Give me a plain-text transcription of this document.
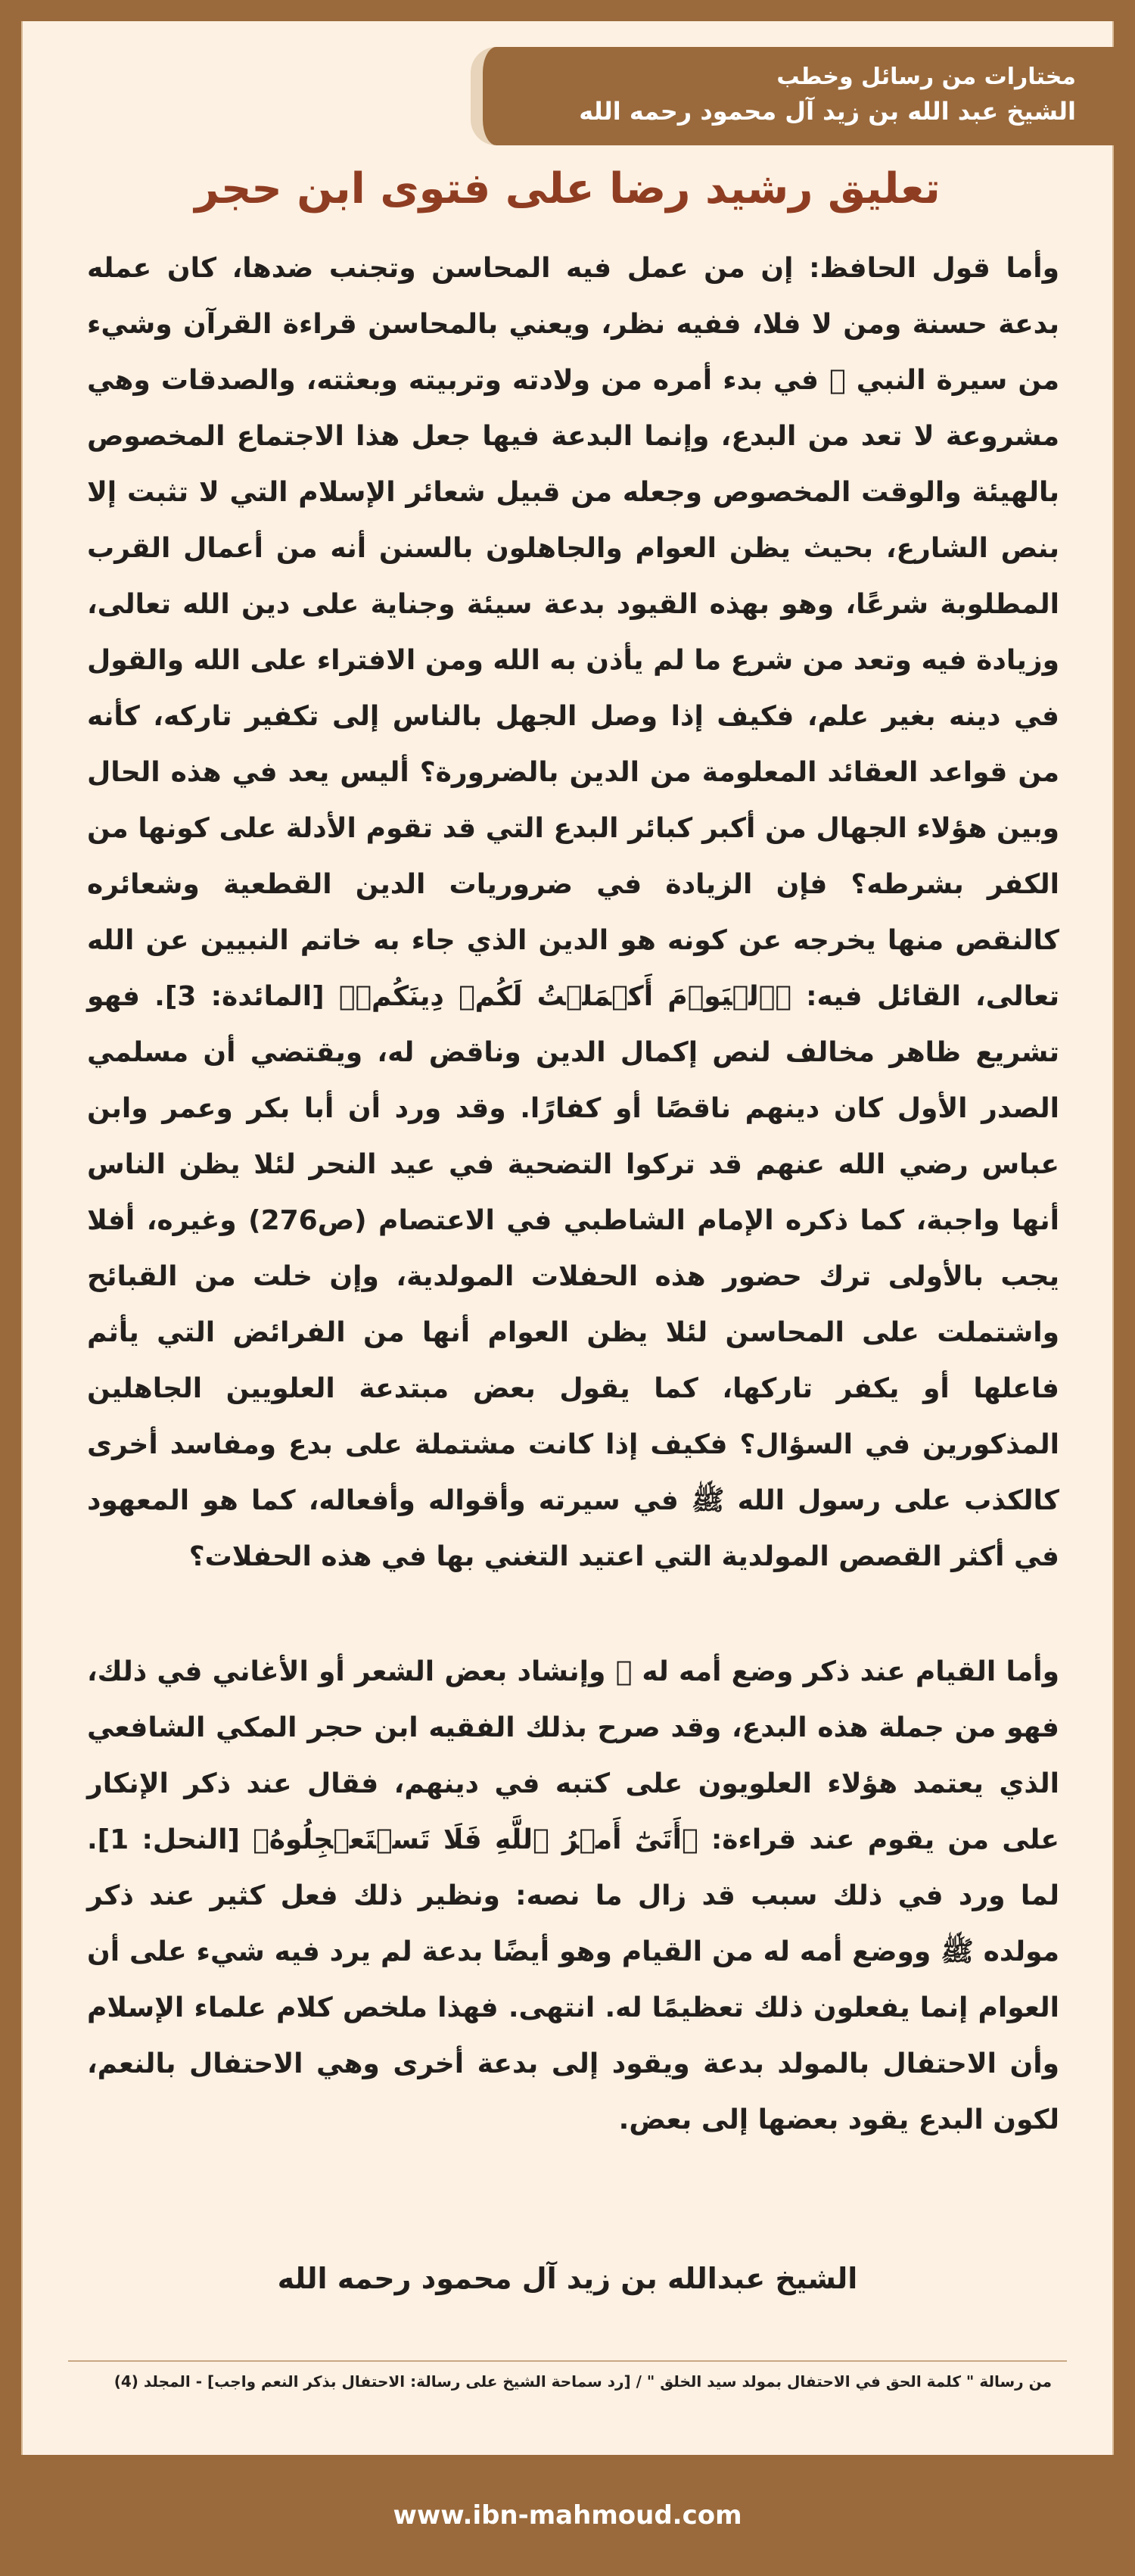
مختارات من رسائل وخطب
الشيخ عبد الله بن زيد آل محمود رحمه الله
تعليق رشيد رضا على فتوى ابن حجر

وأما قول الحافظ: إن من عمل فيه المحاسن وتجنب ضدها، كان عمله بدعة حسنة ومن لا فلا، ففيه نظر، ويعني بالمحاسن قراءة القرآن وشيء من سيرة النبي ﷺ في بدء أمره من ولادته وتربيته وبعثته، والصدقات وهي مشروعة لا تعد من البدع، وإنما البدعة فيها جعل هذا الاجتماع المخصوص بالهيئة والوقت المخصوص وجعله من قبيل شعائر الإسلام التي لا تثبت إلا بنص الشارع، بحيث يظن العوام والجاهلون بالسنن أنه من أعمال القرب المطلوبة شرعًا، وهو بهذه القيود بدعة سيئة وجناية على دين الله تعالى، وزيادة فيه وتعد من شرع ما لم يأذن به الله ومن الافتراء على الله والقول في دينه بغير علم، فكيف إذا وصل الجهل بالناس إلى تكفير تاركه، كأنه من قواعد العقائد المعلومة من الدين بالضرورة؟ أليس يعد في هذه الحال وبين هؤلاء الجهال من أكبر كبائر البدع التي قد تقوم الأدلة على كونها من الكفر بشرطه؟ فإن الزيادة في ضروريات الدين القطعية وشعائره كالنقص منها يخرجه عن كونه هو الدين الذي جاء به خاتم النبيين عن الله تعالى، القائل فيه: ﴿ٱلۡيَوۡمَ أَكۡمَلۡتُ لَكُمۡ دِينَكُمۡ﴾ [المائدة: 3]. فهو تشريع ظاهر مخالف لنص إكمال الدين وناقض له، ويقتضي أن مسلمي الصدر الأول كان دينهم ناقصًا أو كفارًا. وقد ورد أن أبا بكر وعمر وابن عباس رضي الله عنهم قد تركوا التضحية في عيد النحر لئلا يظن الناس أنها واجبة، كما ذكره الإمام الشاطبي في الاعتصام (ص276) وغيره، أفلا يجب بالأولى ترك حضور هذه الحفلات المولدية، وإن خلت من القبائح واشتملت على المحاسن لئلا يظن العوام أنها من الفرائض التي يأثم فاعلها أو يكفر تاركها، كما يقول بعض مبتدعة العلويين الجاهلين المذكورين في السؤال؟ فكيف إذا كانت مشتملة على بدع ومفاسد أخرى كالكذب على رسول الله ﷺ في سيرته وأقواله وأفعاله، كما هو المعهود في أكثر القصص المولدية التي اعتيد التغني بها في هذه الحفلات؟

وأما القيام عند ذكر وضع أمه له ﷺ وإنشاد بعض الشعر أو الأغاني في ذلك، فهو من جملة هذه البدع، وقد صرح بذلك الفقيه ابن حجر المكي الشافعي الذي يعتمد هؤلاء العلويون على كتبه في دينهم، فقال عند ذكر الإنكار على من يقوم عند قراءة: ﴿أَتَىٰٓ أَمۡرُ ٱللَّهِ فَلَا تَسۡتَعۡجِلُوهُ﴾ [النحل: 1]. لما ورد في ذلك سبب قد زال ما نصه: ونظير ذلك فعل كثير عند ذكر مولده ﷺ ووضع أمه له من القيام وهو أيضًا بدعة لم يرد فيه شيء على أن العوام إنما يفعلون ذلك تعظيمًا له. انتهى. فهذا ملخص كلام علماء الإسلام وأن الاحتفال بالمولد بدعة ويقود إلى بدعة أخرى وهي الاحتفال بالنعم، لكون البدع يقود بعضها إلى بعض.

الشيخ عبدالله بن زيد آل محمود رحمه الله
من رسالة " كلمة الحق في الاحتفال بمولد سيد الخلق " / [رد سماحة الشيخ على رسالة: الاحتفال بذكر النعم واجب] - المجلد (4)
www.ibn-mahmoud.com
